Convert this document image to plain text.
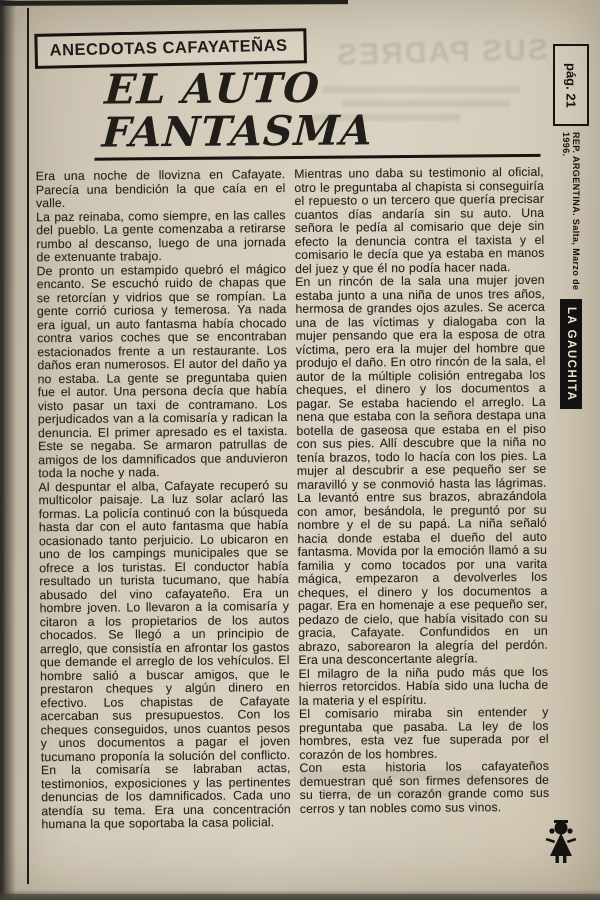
SUS PADRES
ANECDOTAS CAFAYATEÑAS
EL AUTO FANTASMA

Era una noche de llovizna en Cafayate. Parecía una bendición la que caía en el valle.

La paz reinaba, como siempre, en las calles del pueblo. La gente comenzaba a retirarse rumbo al descanso, luego de una jornada de extenuante trabajo.

De pronto un estampido quebró el mágico encanto. Se escuchó ruido de chapas que se retorcían y vidrios que se rompían. La gente corrió curiosa y temerosa. Ya nada era igual, un auto fantasma había chocado contra varios coches que se encontraban estacionados frente a un restaurante. Los daños eran numerosos. El autor del daño ya no estaba. La gente se preguntaba quien fue el autor. Una persona decía que había visto pasar un taxi de contramano. Los perjudicados van a la comisaría y radican la denuncia. El primer apresado es el taxista. Este se negaba. Se armaron patrullas de amigos de los damnificados que anduvieron toda la noche y nada.

Al despuntar el alba, Cafayate recuperó su multicolor paisaje. La luz solar aclaró las formas. La policía continuó con la búsqueda hasta dar con el auto fantasma que había ocasionado tanto perjuicio. Lo ubicaron en uno de los campings municipales que se ofrece a los turistas. El conductor había resultado un turista tucumano, que había abusado del vino cafayateño. Era un hombre joven. Lo llevaron a la comisaría y citaron a los propietarios de los autos chocados. Se llegó a un principio de arreglo, que consistía en afrontar los gastos que demande el arreglo de los vehículos. El hombre salió a buscar amigos, que le prestaron cheques y algún dinero en efectivo. Los chapistas de Cafayate acercaban sus presupuestos. Con los cheques conseguidos, unos cuantos pesos y unos documentos a pagar el joven tucumano proponía la solución del conflicto. En la comisaría se labraban actas, testimonios, exposiciones y las pertinentes denuncias de los damnificados. Cada uno atendía su tema. Era una concentración humana la que soportaba la casa policial.

Mientras uno daba su testimonio al oficial, otro le preguntaba al chapista si conseguiría el repuesto o un tercero que quería precisar cuantos días andaría sin su auto. Una señora le pedía al comisario que deje sin efecto la denuncia contra el taxista y el comisario le decía que ya estaba en manos del juez y que él no podía hacer nada.

En un rincón de la sala una mujer joven estaba junto a una niña de unos tres años, hermosa de grandes ojos azules. Se acerca una de las víctimas y dialogaba con la mujer pensando que era la esposa de otra víctima, pero era la mujer del hombre que produjo el daño. En otro rincón de la sala, el autor de la múltiple colisión entregaba los cheques, el dinero y los documentos a pagar. Se estaba haciendo el arreglo. La nena que estaba con la señora destapa una botella de gaseosa que estaba en el piso con sus pies. Allí descubre que la niña no tenía brazos, todo lo hacía con los pies. La mujer al descubrir a ese pequeño ser se maravilló y se conmovió hasta las lágrimas. La levantó entre sus brazos, abrazándola con amor, besándola, le preguntó por su nombre y el de su papá. La niña señaló hacia donde estaba el dueño del auto fantasma. Movida por la emoción llamó a su familia y como tocados por una varita mágica, empezaron a devolverles los cheques, el dinero y los documentos a pagar. Era en homenaje a ese pequeño ser, pedazo de cielo, que había visitado con su gracia, Cafayate. Confundidos en un abrazo, saborearon la alegría del perdón. Era una desconcertante alegría.

El milagro de la niña pudo más que los hierros retorcidos. Había sido una lucha de la materia y el espíritu.

El comisario miraba sin entender y preguntaba que pasaba. La ley de los hombres, esta vez fue superada por el corazón de los hombres.

Con esta historia los cafayateños demuestran qué son firmes defensores de su tierra, de un corazón grande como sus cerros y tan nobles como sus vinos.

pág. 21
REP. ARGENTINA. Salta, Marzo de 1996.
LA GAUCHITA
